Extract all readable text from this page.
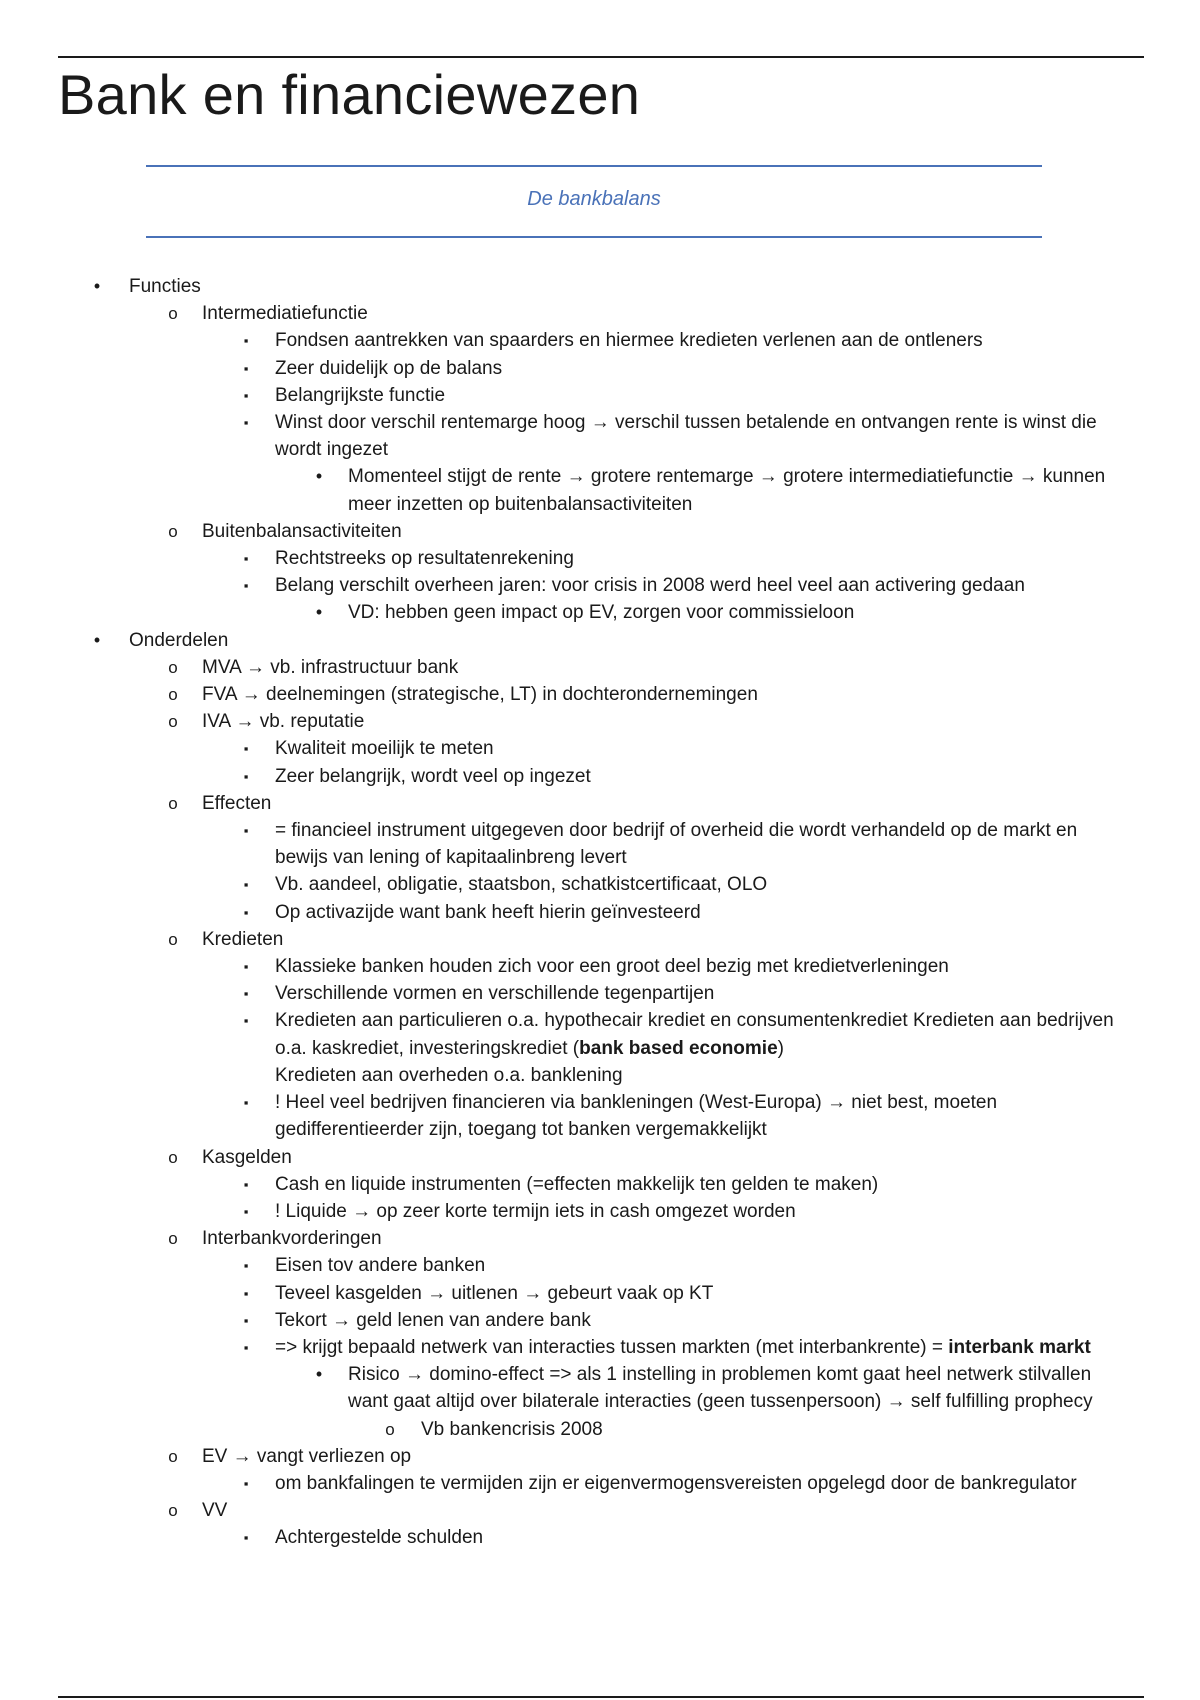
Bank en financiewezen
De bankbalans
•	Functies
o Intermediatiefunctie
▪	Fondsen aantrekken van spaarders en hiermee kredieten verlenen aan de ontleners
▪	Zeer duidelijk op de balans
▪	Belangrijkste functie
▪	Winst door verschil rentemarge hoog → verschil tussen betalende en ontvangen rente is winst die wordt ingezet
•	Momenteel stijgt de rente → grotere rentemarge → grotere intermediatiefunctie → kunnen meer inzetten op buitenbalansactiviteiten
o Buitenbalansactiviteiten
▪	Rechtstreeks op resultatenrekening
▪	Belang verschilt overheen jaren: voor crisis in 2008 werd heel veel aan activering gedaan
•	VD: hebben geen impact op EV, zorgen voor commissieloon
•	Onderdelen
o MVA → vb. infrastructuur bank
o FVA → deelnemingen (strategische, LT) in dochterondernemingen
o IVA → vb. reputatie
▪	Kwaliteit moeilijk te meten
▪	Zeer belangrijk, wordt veel op ingezet
o Effecten
▪	= financieel instrument uitgegeven door bedrijf of overheid die wordt verhandeld op de markt en bewijs van lening of kapitaalinbreng levert
▪	Vb. aandeel, obligatie, staatsbon, schatkistcertificaat, OLO
▪	Op activazijde want bank heeft hierin geïnvesteerd
o Kredieten
▪	Klassieke banken houden zich voor een groot deel bezig met kredietverleningen
▪	Verschillende vormen en verschillende tegenpartijen
▪	Kredieten aan particulieren o.a. hypothecair krediet en consumentenkrediet Kredieten aan bedrijven o.a. kaskrediet, investeringskrediet (bank based economie)
Kredieten aan overheden o.a. banklening
▪	! Heel veel bedrijven financieren via bankleningen (West-Europa) → niet best, moeten gedifferentieerder zijn, toegang tot banken vergemakkelijkt
o Kasgelden
▪	Cash en liquide instrumenten (=effecten makkelijk ten gelden te maken)
▪	! Liquide → op zeer korte termijn iets in cash omgezet worden
o Interbankvorderingen
▪	Eisen tov andere banken
▪	Teveel kasgelden → uitlenen → gebeurt vaak op KT
▪	Tekort → geld lenen van andere bank
▪	=> krijgt bepaald netwerk van interacties tussen markten (met interbankrente) = interbank markt
•	Risico → domino-effect => als 1 instelling in problemen komt gaat heel netwerk stilvallen want gaat altijd over bilaterale interacties (geen tussenpersoon) → self fulfilling prophecy
o Vb bankencrisis 2008
o EV → vangt verliezen op
▪	om bankfalingen te vermijden zijn er eigenvermogensvereisten opgelegd door de bankregulator
o VV
▪	Achtergestelde schulden
